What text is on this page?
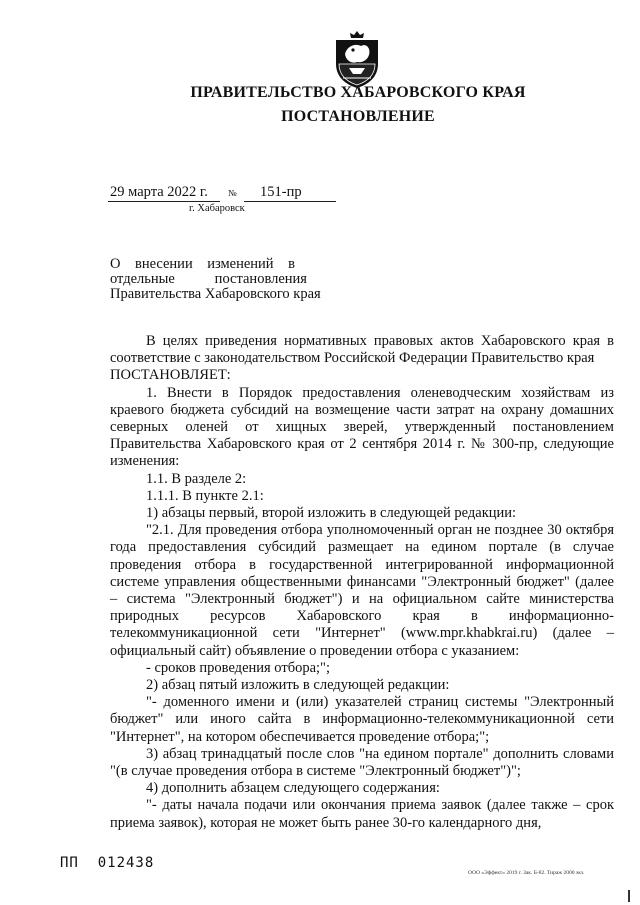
ПРАВИТЕЛЬСТВО ХАБАРОВСКОГО КРАЯ
ПОСТАНОВЛЕНИЕ
29 марта 2022 г. № 151-пр
г. Хабаровск
О    внесении    изменений    в
отдельные           постановления
Правительства Хабаровского края

В целях приведения нормативных правовых актов Хабаровского края в соответствие с законодательством Российской Федерации Правительство края

ПОСТАНОВЛЯЕТ:

1. Внести в Порядок предоставления оленеводческим хозяйствам из краевого бюджета субсидий на возмещение части затрат на охрану домашних северных оленей от хищных зверей, утвержденный постановлением Правительства Хабаровского края от 2 сентября 2014 г. № 300-пр, следующие изменения:

1.1. В разделе 2:

1.1.1. В пункте 2.1:

1) абзацы первый, второй изложить в следующей редакции:

"2.1. Для проведения отбора уполномоченный орган не позднее 30 октября года предоставления субсидий размещает на едином портале (в случае проведения отбора в государственной интегрированной информационной системе управления общественными финансами "Электронный бюджет" (далее – система "Электронный бюджет") и на официальном сайте министерства природных ресурсов Хабаровского края в информационно-телекоммуникационной сети "Интернет" (www.mpr.khabkrai.ru) (далее – официальный сайт) объявление о проведении отбора с указанием:

- сроков проведения отбора;";

2) абзац пятый изложить в следующей редакции:

"- доменного имени и (или) указателей страниц системы "Электронный бюджет" или иного сайта в информационно-телекоммуникационной сети "Интернет", на котором обеспечивается проведение отбора;";

3) абзац тринадцатый после слов "на едином портале" дополнить словами "(в случае проведения отбора в системе "Электронный бюджет")";

4) дополнить абзацем следующего содержания:

"- даты начала подачи или окончания приема заявок (далее также – срок приема заявок), которая не может быть ранее 30-го календарного дня,

ПП  012438
ООО «Эффект» 2019 г. Зак. Б-82. Тираж 2000 экз.
